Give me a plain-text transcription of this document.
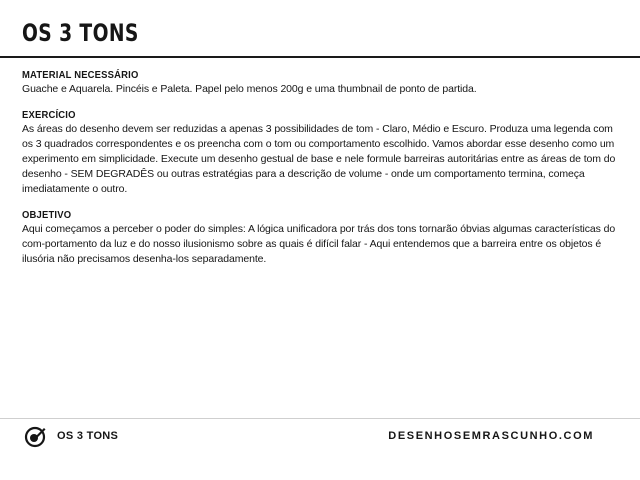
OS 3 TONS
MATERIAL NECESSÁRIO
Guache e Aquarela. Pincéis e Paleta. Papel pelo menos 200g e uma thumbnail de ponto de partida.
EXERCÍCIO
As áreas do desenho devem ser reduzidas a apenas 3 possibilidades de tom - Claro, Médio e Escuro. Produza uma legenda com os 3 quadrados correspondentes e os preencha com o tom ou comportamento escolhido. Vamos abordar esse desenho como um experimento em simplicidade. Execute um desenho gestual de base e nele formule barreiras autoritárias entre as áreas de tom do desenho - SEM DEGRADÊS ou outras estratégias para a descrição de volume - onde um comportamento termina, começa imediatamente o outro.
OBJETIVO
Aqui começamos a perceber o poder do simples: A lógica unificadora por trás dos tons tornarão óbvias algumas características do com-portamento da luz e do nosso ilusionismo sobre as quais é difícil falar - Aqui entendemos que a barreira entre os objetos é ilusória não precisamos desenha-los separadamente.
OS 3 TONS	DESENHOSEMRASCUNHO.COM
